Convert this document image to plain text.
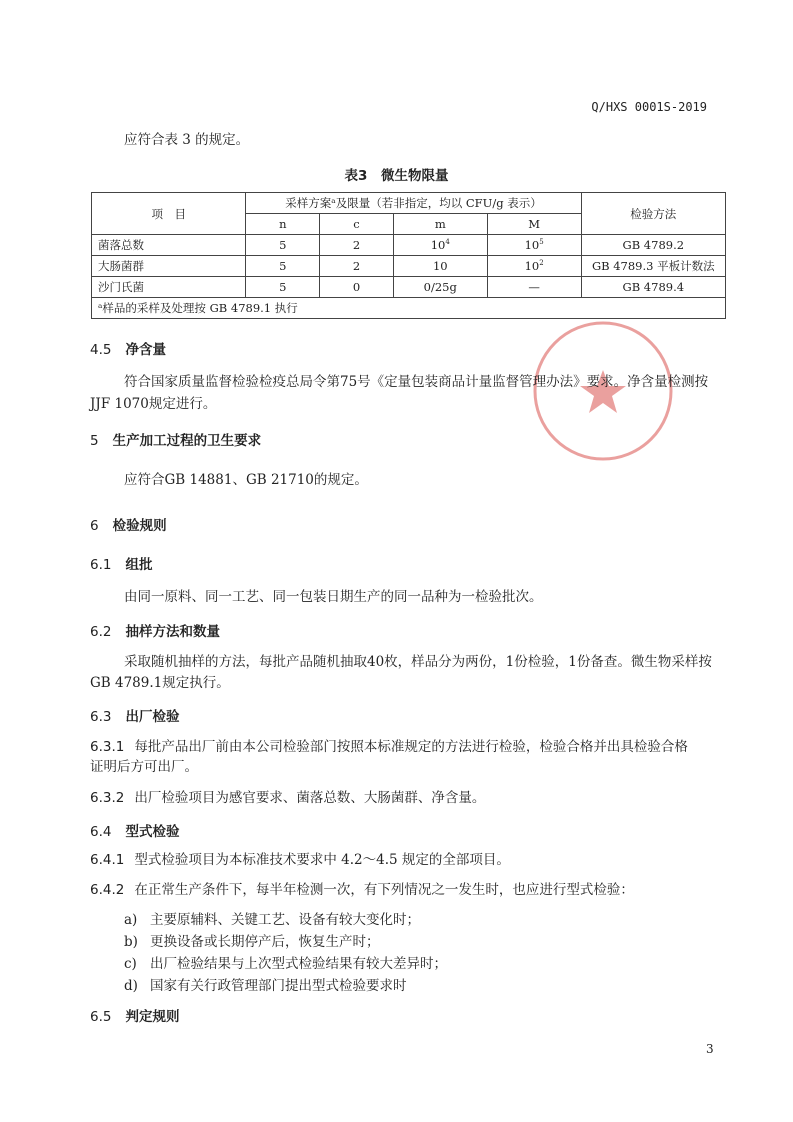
Q/HXS 0001S-2019
应符合表 3 的规定。
表3　微生物限量
项　目	采样方案ᵃ及限量（若非指定，均以 CFU/g 表示）				检验方法
	n	c	m	M	
菌落总数	5	2	$10^4$	$10^5$	GB 4789.2
大肠菌群	5	2	10	$10^2$	GB 4789.3 平板计数法
沙门氏菌	5	0	0/25g	—	GB 4789.4
ᵃ样品的采样及处理按 GB 4789.1 执行					
4.5 净含量
符合国家质量监督检验检疫总局令第75号《定量包装商品计量监督管理办法》要求。净含量检测按
JJF 1070规定进行。
5 生产加工过程的卫生要求
应符合GB 14881、GB 21710的规定。
6 检验规则
6.1 组批
由同一原料、同一工艺、同一包装日期生产的同一品种为一检验批次。
6.2 抽样方法和数量
采取随机抽样的方法，每批产品随机抽取40枚，样品分为两份，1份检验，1份备查。微生物采样按
GB 4789.1规定执行。
6.3 出厂检验
6.3.1 每批产品出厂前由本公司检验部门按照本标准规定的方法进行检验，检验合格并出具检验合格
证明后方可出厂。
6.3.2 出厂检验项目为感官要求、菌落总数、大肠菌群、净含量。
6.4 型式检验
6.4.1 型式检验项目为本标准技术要求中 4.2～4.5 规定的全部项目。
6.4.2 在正常生产条件下，每半年检测一次，有下列情况之一发生时，也应进行型式检验：
a) 主要原辅料、关键工艺、设备有较大变化时；
b) 更换设备或长期停产后，恢复生产时；
c) 出厂检验结果与上次型式检验结果有较大差异时；
d) 国家有关行政管理部门提出型式检验要求时
6.5 判定规则
3
